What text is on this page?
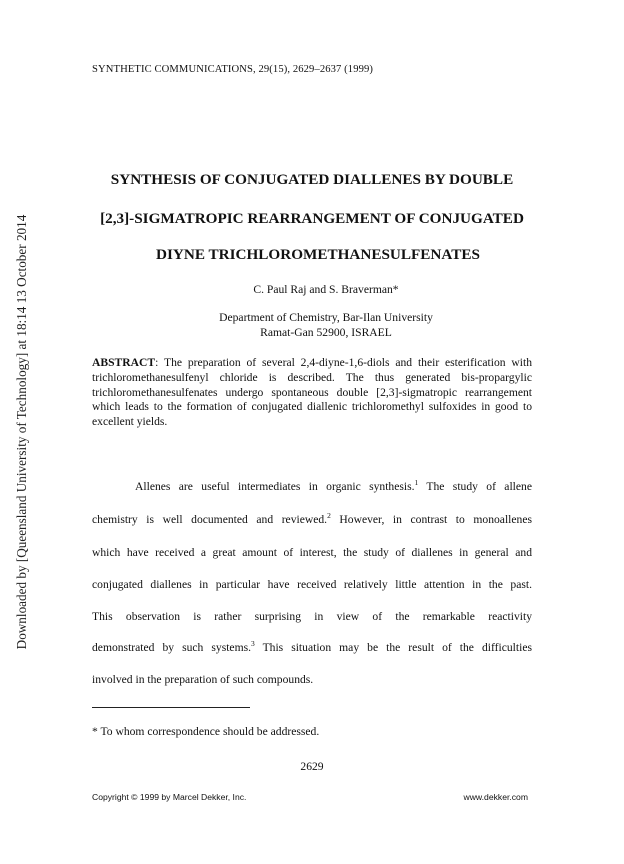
Downloaded by [Queensland University of Technology] at 18:14 13 October 2014
SYNTHETIC COMMUNICATIONS, 29(15), 2629–2637 (1999)
SYNTHESIS OF CONJUGATED DIALLENES BY DOUBLE
[2,3]-SIGMATROPIC REARRANGEMENT OF CONJUGATED
DIYNE TRICHLOROMETHANESULFENATES
C. Paul Raj and S. Braverman*
Department of Chemistry, Bar-Ilan University
Ramat-Gan 52900, ISRAEL
ABSTRACT: The preparation of several 2,4-diyne-1,6-diols and their esterification with trichloromethanesulfenyl chloride is described. The thus generated bis-propargylic trichloromethanesulfenates undergo spontaneous double [2,3]-sigmatropic rearrangement which leads to the formation of conjugated diallenic trichloromethyl sulfoxides in good to excellent yields.
Allenes are useful intermediates in organic synthesis.$^1$ The study of allene
chemistry is well documented and reviewed.$^2$ However, in contrast to monoallenes
which have received a great amount of interest, the study of diallenes in general and
conjugated diallenes in particular have received relatively little attention in the past.
This observation is rather surprising in view of the remarkable reactivity
demonstrated by such systems.$^3$ This situation may be the result of the difficulties
involved in the preparation of such compounds.
* To whom correspondence should be addressed.
2629
Copyright © 1999 by Marcel Dekker, Inc.	www.dekker.com
